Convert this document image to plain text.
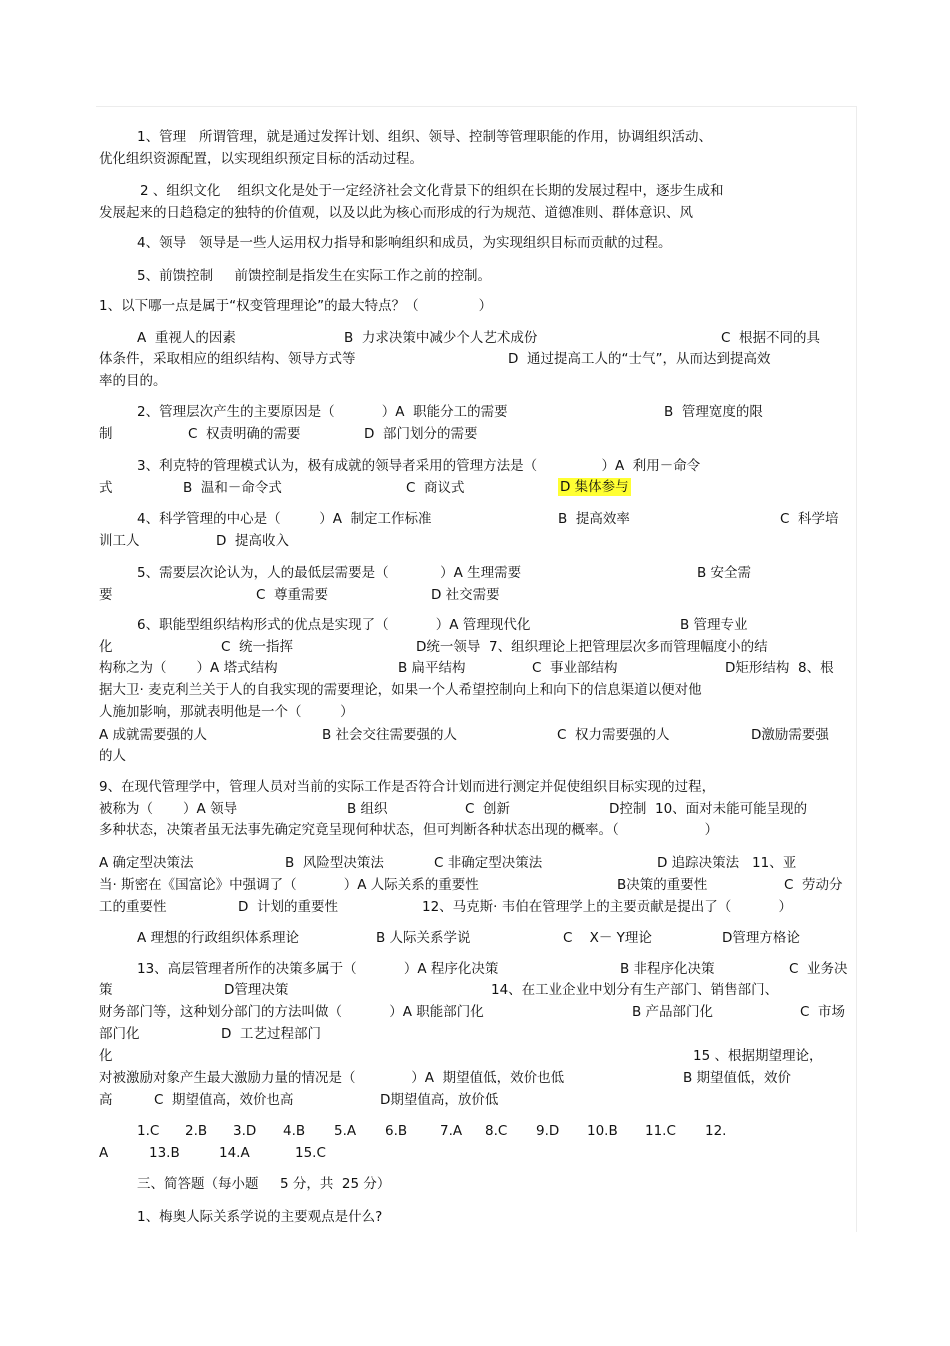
1、管理   所谓管理，就是通过发挥计划、组织、领导、控制等管理职能的作用，协调组织活动、
优化组织资源配置，以实现组织预定目标的活动过程。
2 、组织文化    组织文化是处于一定经济社会文化背景下的组织在长期的发展过程中，逐步生成和
发展起来的日趋稳定的独特的价值观，以及以此为核心而形成的行为规范、道德准则、群体意识、风
4、领导   领导是一些人运用权力指导和影响组织和成员，为实现组织目标而贡献的过程。
5、前馈控制     前馈控制是指发生在实际工作之前的控制。
1、以下哪一点是属于“权变管理理论”的最大特点？（              ）
A  重视人的因素	B  力求决策中减少个人艺术成份	C  根据不同的具
体条件，采取相应的组织结构、领导方式等	D  通过提高工人的“士气”，从而达到提高效
率的目的。
2、管理层次产生的主要原因是（           ）A  职能分工的需要	B  管理宽度的限
制	C  权责明确的需要	D  部门划分的需要
3、利克特的管理模式认为，极有成就的领导者采用的管理方法是（               ）A  利用－命令
式	B  温和－命令式	C  商议式	D 集体参与
4、科学管理的中心是（         ）A  制定工作标准	B  提高效率	C  科学培
训工人	D  提高收入
5、需要层次论认为，人的最低层需要是（            ）A 生理需要	B 安全需
要	C  尊重需要	D 社交需要
6、职能型组织结构形式的优点是实现了（           ）A 管理现代化	B 管理专业
化	C  统一指挥	D统一领导  7、组织理论上把管理层次多而管理幅度小的结
构称之为（       ）A 塔式结构	B 扁平结构	C  事业部结构	D矩形结构  8、根
据大卫· 麦克利兰关于人的自我实现的需要理论，如果一个人希望控制向上和向下的信息渠道以便对他
人施加影响，那就表明他是一个（         ）
A 成就需要强的人	B 社会交往需要强的人	C  权力需要强的人	D激励需要强
的人
9、在现代管理学中，管理人员对当前的实际工作是否符合计划而进行测定并促使组织目标实现的过程，
被称为（       ）A 领导	B 组织	C  创新	D控制  10、面对未能可能呈现的
多种状态，决策者虽无法事先确定究竟呈现何种状态，但可判断各种状态出现的概率。（                    ）
A 确定型决策法	B  风险型决策法	C 非确定型决策法	D 追踪决策法   11、亚
当· 斯密在《国富论》中强调了（           ）A 人际关系的重要性	B决策的重要性	C  劳动分
工的重要性	D  计划的重要性	12、马克斯· 韦伯在管理学上的主要贡献是提出了（           ）
A 理想的行政组织体系理论	B 人际关系学说	C    X－ Y理论	D管理方格论
13、高层管理者所作的决策多属于（           ）A 程序化决策	B 非程序化决策	C  业务决
策	D管理决策	14、在工业企业中划分有生产部门、销售部门、
财务部门等，这种划分部门的方法叫做（           ）A 职能部门化	B 产品部门化	C  市场
部门化	D  工艺过程部门
化	15 、根据期望理论，
对被激励对象产生最大激励力量的情况是（             ）A  期望值低，效价也低	B 期望值低，效价
高	C  期望值高，效价也高	D期望值高，放价低
1.C 2.B 3.D 4.B 5.A 6.B 7.A 8.C 9.D 10.B 11.C 12.
A	13.B	14.A	15.C
三、简答题（每小题     5 分，共  25 分）
1、梅奥人际关系学说的主要观点是什么?
